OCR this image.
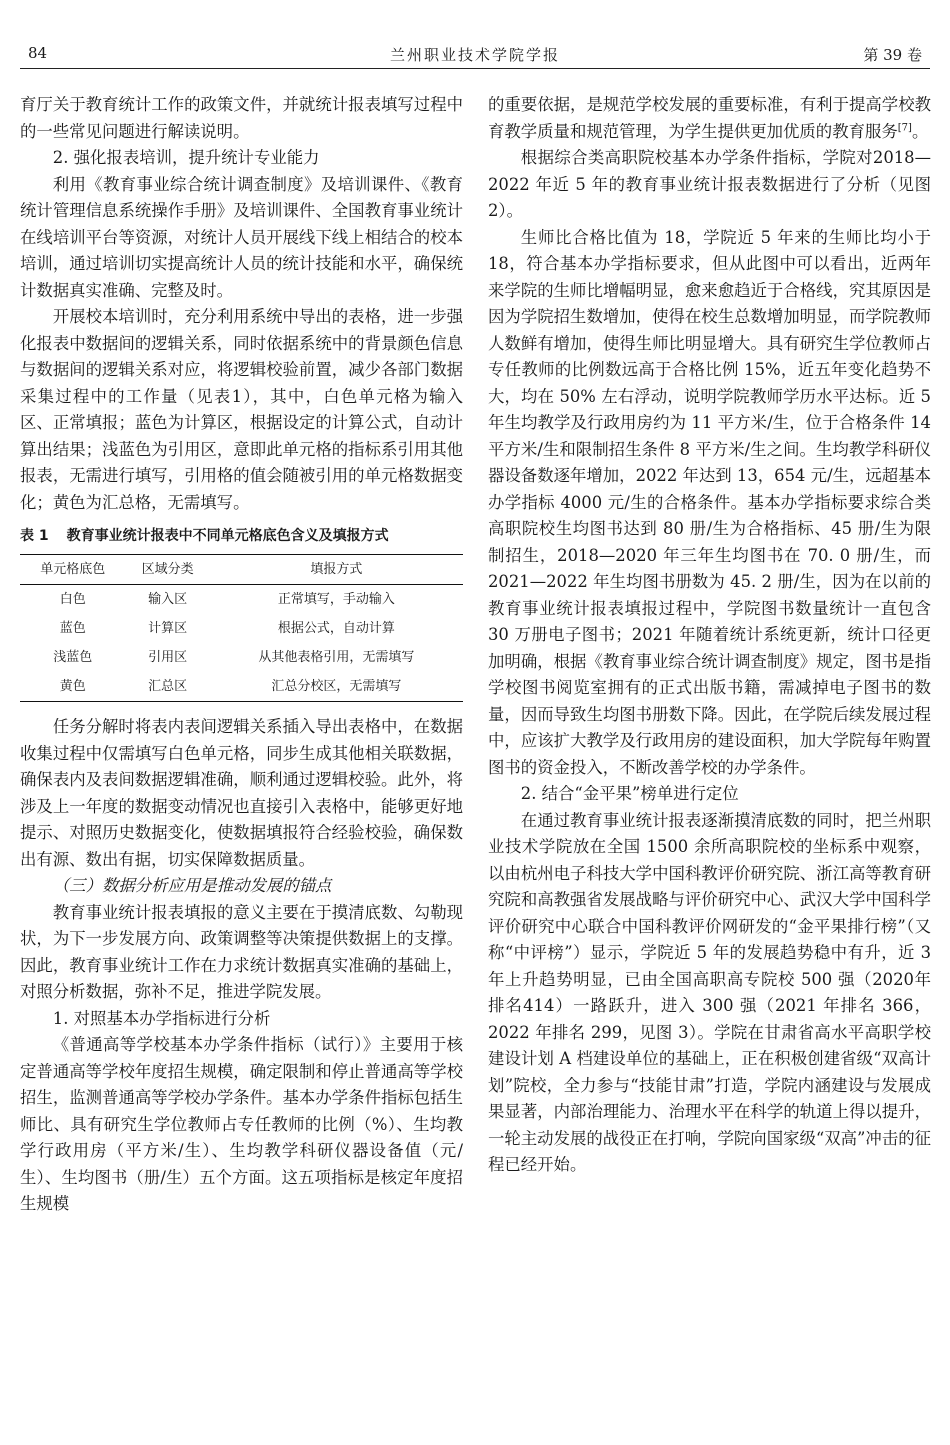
84	兰州职业技术学院学报	第 39 卷

育厅关于教育统计工作的政策文件，并就统计报表填写过程中的一些常见问题进行解读说明。

2. 强化报表培训，提升统计专业能力

利用《教育事业综合统计调查制度》及培训课件、《教育统计管理信息系统操作手册》及培训课件、全国教育事业统计在线培训平台等资源，对统计人员开展线下线上相结合的校本培训，通过培训切实提高统计人员的统计技能和水平，确保统计数据真实准确、完整及时。

开展校本培训时，充分利用系统中导出的表格，进一步强化报表中数据间的逻辑关系，同时依据系统中的背景颜色信息与数据间的逻辑关系对应，将逻辑校验前置，减少各部门数据采集过程中的工作量（见表1），其中，白色单元格为输入区、正常填报；蓝色为计算区，根据设定的计算公式，自动计算出结果；浅蓝色为引用区，意即此单元格的指标系引用其他报表，无需进行填写，引用格的值会随被引用的单元格数据变化；黄色为汇总格，无需填写。

表 1 教育事业统计报表中不同单元格底色含义及填报方式
单元格底色	区域分类	填报方式
白色	输入区	正常填写，手动输入
蓝色	计算区	根据公式，自动计算
浅蓝色	引用区	从其他表格引用，无需填写
黄色	汇总区	汇总分校区，无需填写

任务分解时将表内表间逻辑关系插入导出表格中，在数据收集过程中仅需填写白色单元格，同步生成其他相关联数据，确保表内及表间数据逻辑准确，顺利通过逻辑校验。此外，将涉及上一年度的数据变动情况也直接引入表格中，能够更好地提示、对照历史数据变化，使数据填报符合经验校验，确保数出有源、数出有据，切实保障数据质量。

（三）数据分析应用是推动发展的锚点

教育事业统计报表填报的意义主要在于摸清底数、勾勒现状，为下一步发展方向、政策调整等决策提供数据上的支撑。因此，教育事业统计工作在力求统计数据真实准确的基础上，对照分析数据，弥补不足，推进学院发展。

1. 对照基本办学指标进行分析

《普通高等学校基本办学条件指标（试行）》主要用于核定普通高等学校年度招生规模，确定限制和停止普通高等学校招生，监测普通高等学校办学条件。基本办学条件指标包括生师比、具有研究生学位教师占专任教师的比例（%）、生均教学行政用房（平方米/生）、生均教学科研仪器设备值（元/生）、生均图书（册/生）五个方面。这五项指标是核定年度招生规模

的重要依据，是规范学校发展的重要标准，有利于提高学校教育教学质量和规范管理，为学生提供更加优质的教育服务[7]。

根据综合类高职院校基本办学条件指标，学院对2018—2022 年近 5 年的教育事业统计报表数据进行了分析（见图 2）。

生师比合格比值为 18，学院近 5 年来的生师比均小于 18，符合基本办学指标要求，但从此图中可以看出，近两年来学院的生师比增幅明显，愈来愈趋近于合格线，究其原因是因为学院招生数增加，使得在校生总数增加明显，而学院教师人数鲜有增加，使得生师比明显增大。具有研究生学位教师占专任教师的比例数远高于合格比例 15%，近五年变化趋势不大，均在 50% 左右浮动，说明学院教师学历水平达标。近 5 年生均教学及行政用房约为 11 平方米/生，位于合格条件 14 平方米/生和限制招生条件 8 平方米/生之间。生均教学科研仪器设备数逐年增加，2022 年达到 13，654 元/生，远超基本办学指标 4000 元/生的合格条件。基本办学指标要求综合类高职院校生均图书达到 80 册/生为合格指标、45 册/生为限制招生，2018—2020 年三年生均图书在 70. 0 册/生，而 2021—2022 年生均图书册数为 45. 2 册/生，因为在以前的教育事业统计报表填报过程中，学院图书数量统计一直包含 30 万册电子图书；2021 年随着统计系统更新，统计口径更加明确，根据《教育事业综合统计调查制度》规定，图书是指学校图书阅览室拥有的正式出版书籍，需减掉电子图书的数量，因而导致生均图书册数下降。因此，在学院后续发展过程中，应该扩大教学及行政用房的建设面积，加大学院每年购置图书的资金投入，不断改善学校的办学条件。

2. 结合“金平果”榜单进行定位

在通过教育事业统计报表逐渐摸清底数的同时，把兰州职业技术学院放在全国 1500 余所高职院校的坐标系中观察，以由杭州电子科技大学中国科教评价研究院、浙江高等教育研究院和高教强省发展战略与评价研究中心、武汉大学中国科学评价研究中心联合中国科教评价网研发的“金平果排行榜”（又称“中评榜”）显示，学院近 5 年的发展趋势稳中有升，近 3 年上升趋势明显，已由全国高职高专院校 500 强（2020年排名414）一路跃升，进入 300 强（2021 年排名 366，2022 年排名 299，见图 3）。学院在甘肃省高水平高职学校建设计划 A 档建设单位的基础上，正在积极创建省级“双高计划”院校，全力参与“技能甘肃”打造，学院内涵建设与发展成果显著，内部治理能力、治理水平在科学的轨道上得以提升，一轮主动发展的战役正在打响，学院向国家级“双高”冲击的征程已经开始。
